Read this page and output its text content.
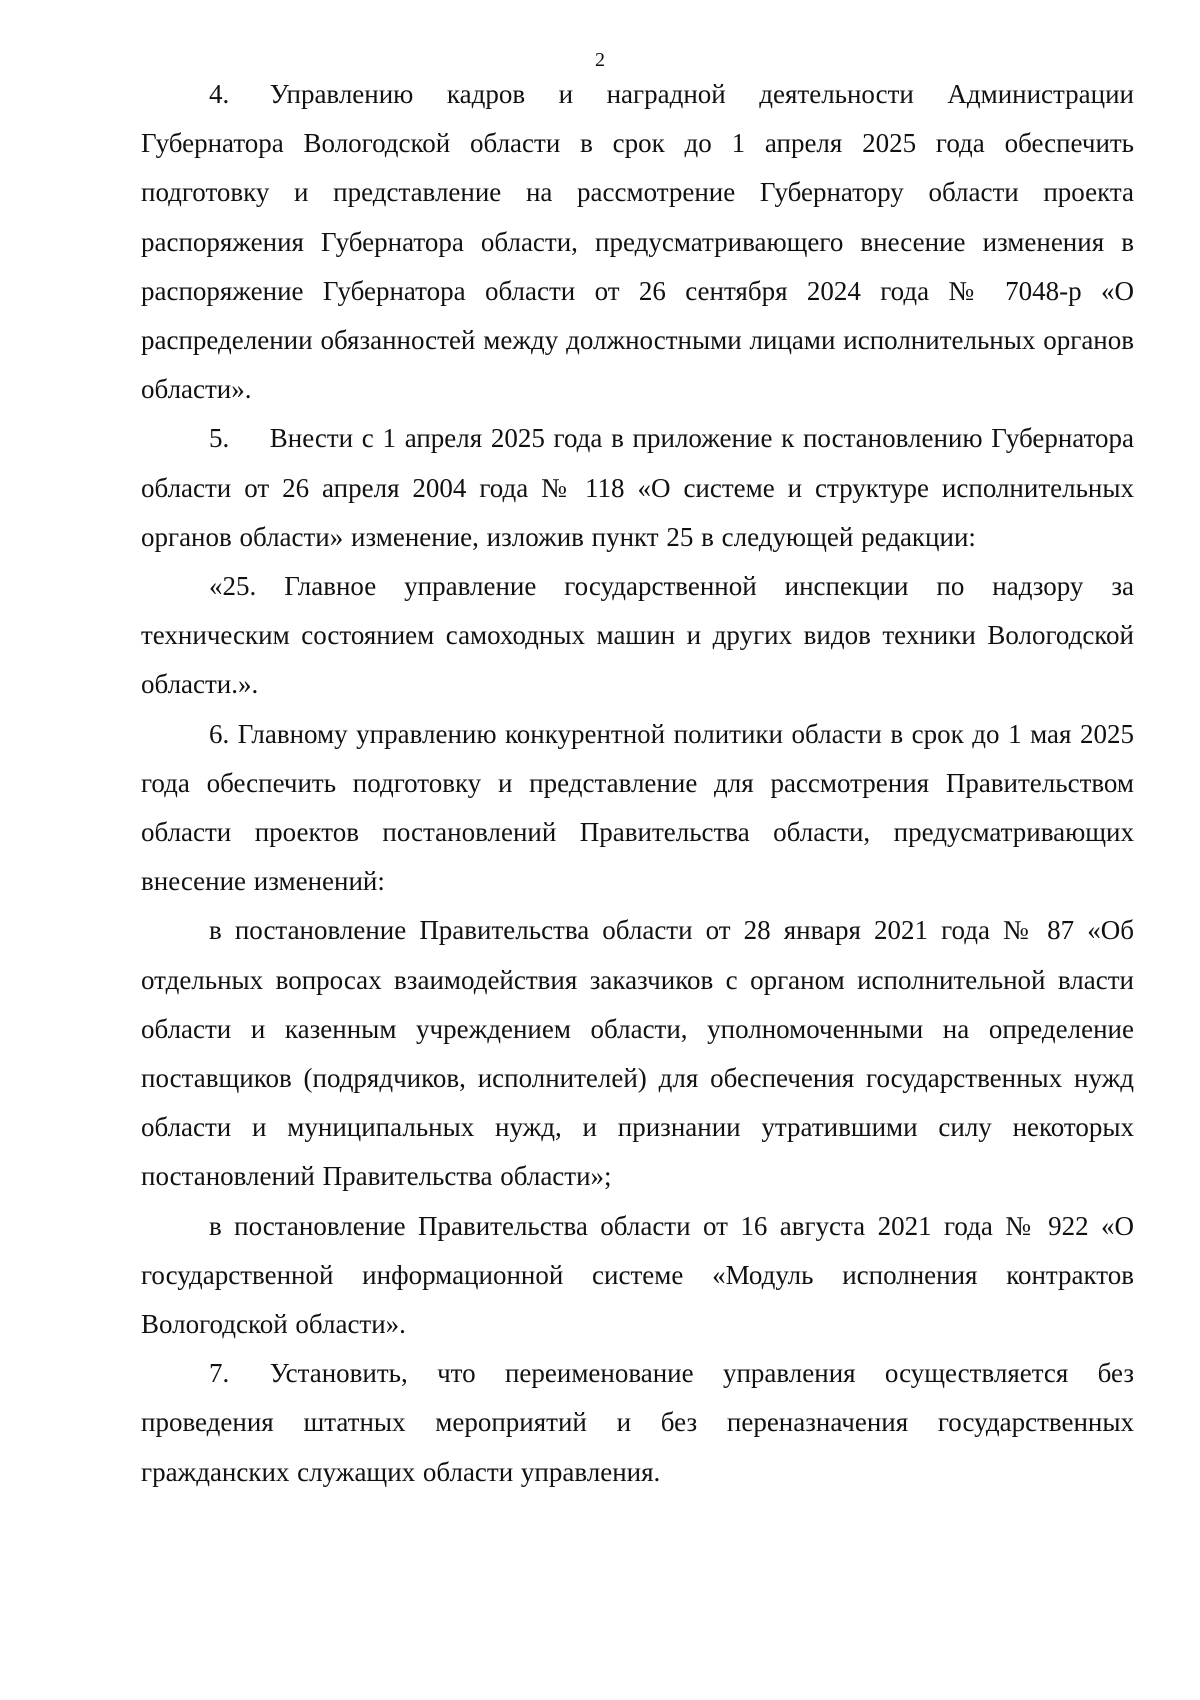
2

4.  Управлению кадров и наградной деятельности Администрации Губернатора Вологодской области в срок до 1 апреля 2025 года обеспечить подготовку и представление на рассмотрение Губернатору области проекта распоряжения Губернатора области, предусматривающего внесение изменения в распоряжение Губернатора области от 26 сентября 2024 года № 7048-р «О распределении обязанностей между должностными лицами исполнительных органов области».

5.  Внести с 1 апреля 2025 года в приложение к постановлению Губернатора области от 26 апреля 2004 года № 118 «О системе и структуре исполнительных органов области» изменение, изложив пункт 25 в следующей редакции:

«25. Главное управление государственной инспекции по надзору за техническим состоянием самоходных машин и других видов техники Вологодской области.».

6. Главному управлению конкурентной политики области в срок до 1 мая 2025 года обеспечить подготовку и представление для рассмотрения Правительством области проектов постановлений Правительства области, предусматривающих внесение изменений:

в постановление Правительства области от 28 января 2021 года № 87 «Об отдельных вопросах взаимодействия заказчиков с органом исполнительной власти области и казенным учреждением области, уполномоченными на определение поставщиков (подрядчиков, исполнителей) для обеспечения государственных нужд области и муниципальных нужд, и признании утратившими силу некоторых постановлений Правительства области»;

в постановление Правительства области от 16 августа 2021 года № 922 «О государственной информационной системе «Модуль исполнения контрактов Вологодской области».

7.  Установить, что переименование управления осуществляется без проведения штатных мероприятий и без переназначения государственных гражданских служащих области управления.
